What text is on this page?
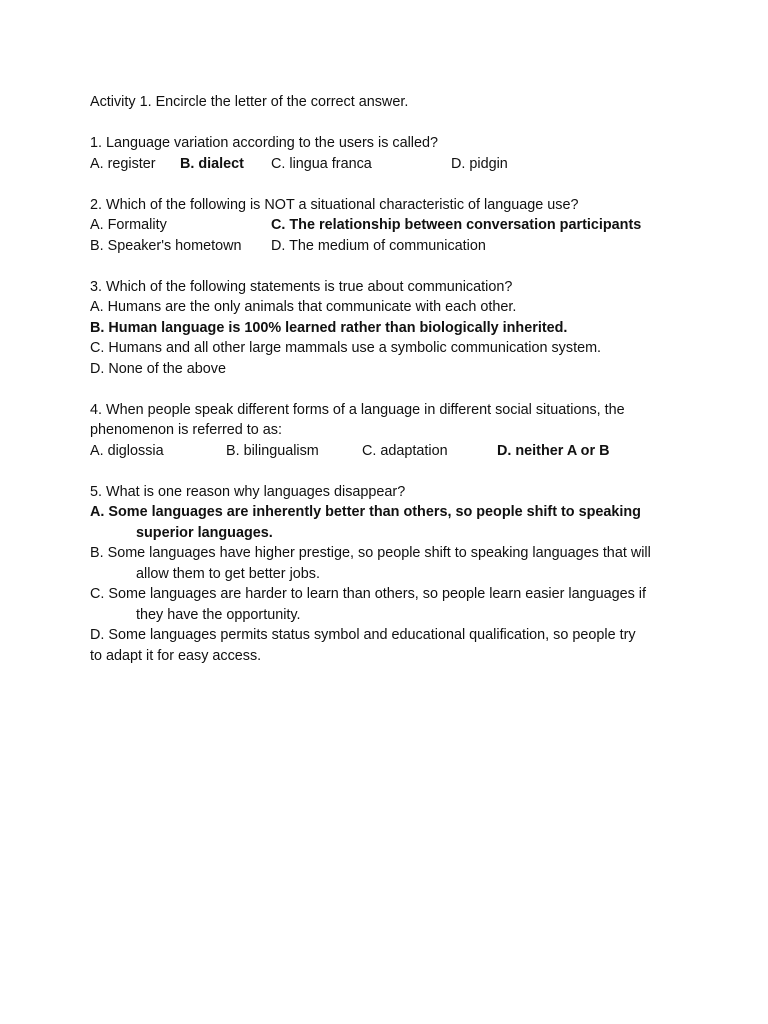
Activity 1. Encircle the letter of the correct answer.
1. Language variation according to the users is called?
A. register B. dialect C. lingua franca	D. pidgin
2. Which of the following is NOT a situational characteristic of language use?
A. Formality	C. The relationship between conversation participants
B. Speaker's hometown D. The medium of communication
3. Which of the following statements is true about communication?
A. Humans are the only animals that communicate with each other.
B. Human language is 100% learned rather than biologically inherited.
C. Humans and all other large mammals use a symbolic communication system.
D. None of the above
4. When people speak different forms of a language in different social situations, the
phenomenon is referred to as:
A. diglossia	B. bilingualism	C. adaptation	D. neither A or B
5. What is one reason why languages disappear?
A. Some languages are inherently better than others, so people shift to speaking
superior languages.
B. Some languages have higher prestige, so people shift to speaking languages that will
allow them to get better jobs.
C. Some languages are harder to learn than others, so people learn easier languages if
they have the opportunity.
D. Some languages permits status symbol and educational qualification, so people try
to adapt it for easy access.
